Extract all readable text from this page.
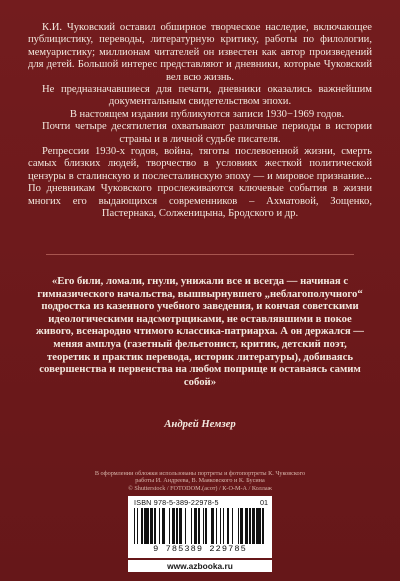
К.И. Чуковский оставил обширное творческое наследие, включающее публицистику, переводы, литературную критику, работы по филологии, мемуаристику; миллионам читателей он известен как автор произведений для детей. Большой интерес представляют и дневники, которые Чуковский вел всю жизнь.

Не предназначавшиеся для печати, дневники оказались важнейшим документальным свидетельством эпохи.

В настоящем издании публикуются записи 1930−1969 годов.

Почти четыре десятилетия охватывают различные периоды в истории страны и в личной судьбе писателя.

Репрессии 1930-х годов, война, тяготы послевоенной жизни, смерть самых близких людей, творчество в условиях жесткой политической цензуры в сталинскую и послесталинскую эпоху — и мировое признание... По дневникам Чуковского прослеживаются ключевые события в жизни многих его выдающихся современников – Ахматовой, Зощенко, Пастернака, Солженицына, Бродского и др.

«Его били, ломали, гнули, унижали все и всегда — начиная с гимназического начальства, вышвырнувшего „неблагополучного“ подростка из казенного учебного заведения, и кончая советскими идеологическими надсмотрщиками, не оставлявшими в покое живого, всенародно чтимого классика-патриарха. А он держался — меняя амплуа (газетный фельетонист, критик, детский поэт, теоретик и практик перевода, историк литературы), добиваясь совершенства и первенства на любом поприще и оставаясь самим собой»
Андрей Немзер
В оформлении обложки использованы портреты и фотопортреты К. Чуковского
работы И. Андреева, В. Маяковского и К. Бусина
© Shutterstock / FOTODOM.(асот) / К-О-М-А / Коллаж
ISBN 978-5-389-22978-5	01
9 785389 229785
www.azbooka.ru
